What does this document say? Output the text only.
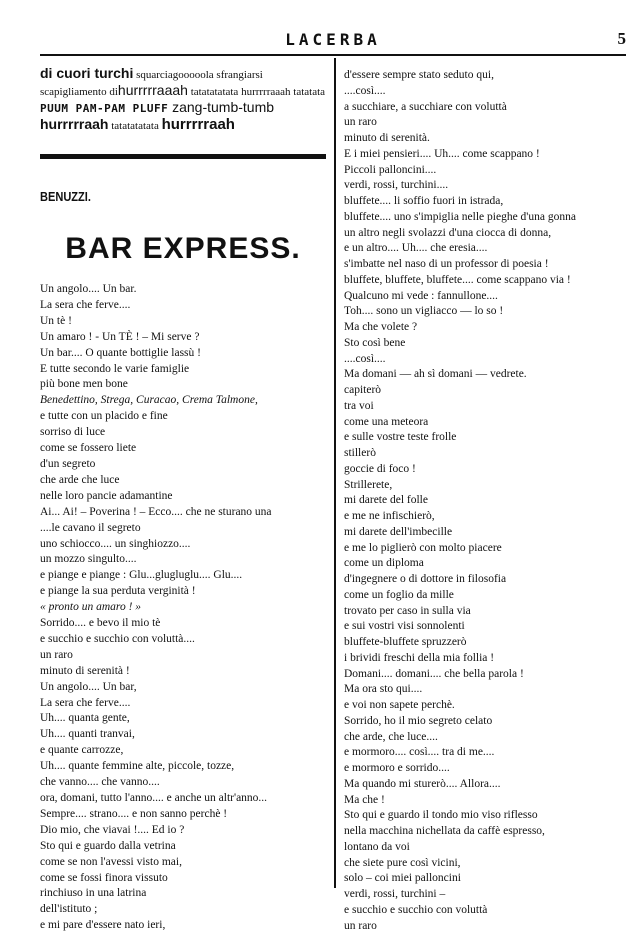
LACERBA	5

di cuori turchi squarciagooooola sfrangiarsi scapigliamento dihurrrrraaah tatatatatata hurrrrraaah tatatata PUUM PAM-PAM PLUFF zang-tumb-tumb hurrrrraah tatatatatata hurrrrraah

BENUZZI.
BAR EXPRESS.
Un angolo.... Un bar.
La sera che ferve....
Un tè !
Un amaro ! - Un TÈ ! – Mi serve ?
Un bar.... O quante bottiglie lassù !
E tutte secondo le varie famiglie
più bone men bone
Benedettino, Strega, Curacao, Crema Talmone,
e tutte con un placido e fine
sorriso di luce
come se fossero liete
d'un segreto
che arde che luce
nelle loro pancie adamantine
Ai... Ai! – Poverina ! – Ecco.... che ne sturano una
....le cavano il segreto
uno schiocco.... un singhiozzo....
un mozzo singulto....
e piange e piange : Glu...glugluglu.... Glu....
e piange la sua perduta verginità !
« pronto un amaro ! »
Sorrido.... e bevo il mio tè
e succhio e succhio con voluttà....
un raro
minuto di serenità !
Un angolo.... Un bar,
La sera che ferve....
Uh.... quanta gente,
Uh.... quanti tranvai,
e quante carrozze,
Uh.... quante femmine alte, piccole, tozze,
che vanno.... che vanno....
ora, domani, tutto l'anno.... e anche un altr'anno...
Sempre.... strano.... e non sanno perchè !
Dio mio, che viavai !.... Ed io ?
Sto qui e guardo dalla vetrina
come se non l'avessi visto mai,
come se fossi finora vissuto
rinchiuso in una latrina
dell'istituto ;
e mi pare d'essere nato ieri,
d'essere sempre stato seduto qui,
....così....
a succhiare, a succhiare con voluttà
un raro
minuto di serenità.
E i miei pensieri.... Uh.... come scappano !
Piccoli palloncini....
verdi, rossi, turchini....
bluffete.... li soffio fuori in istrada,
bluffete.... uno s'impiglia nelle pieghe d'una gonna
un altro negli svolazzi d'una ciocca di donna,
e un altro.... Uh.... che eresia....
s'imbatte nel naso di un professor di poesia !
bluffete, bluffete, bluffete.... come scappano via !
Qualcuno mi vede : fannullone....
Toh.... sono un vigliacco — lo so !
Ma che volete ?
Sto così bene
....così....
Ma domani — ah sì domani — vedrete.
capiterò
tra voi
come una meteora
e sulle vostre teste frolle
stillerò
goccie di foco !
Strillerete,
mi darete del folle
e me ne infischierò,
mi darete dell'imbecille
e me lo piglierò con molto piacere
come un diploma
d'ingegnere o di dottore in filosofia
come un foglio da mille
trovato per caso in sulla via
e sui vostri visi sonnolenti
bluffete-bluffete spruzzerò
i brividi freschi della mia follia !
Domani.... domani.... che bella parola !
Ma ora sto qui....
e voi non sapete perchè.
Sorrido, ho il mio segreto celato
che arde, che luce....
e mormoro.... così.... tra di me....
e mormoro e sorrido....
Ma quando mi sturerò.... Allora....
Ma che !
Sto qui e guardo il tondo mio viso riflesso
nella macchina nichellata da caffè espresso,
lontano da voi
che siete pure così vicini,
solo – coi miei palloncini
verdi, rossi, turchini –
e succhio e succhio con voluttà
un raro
